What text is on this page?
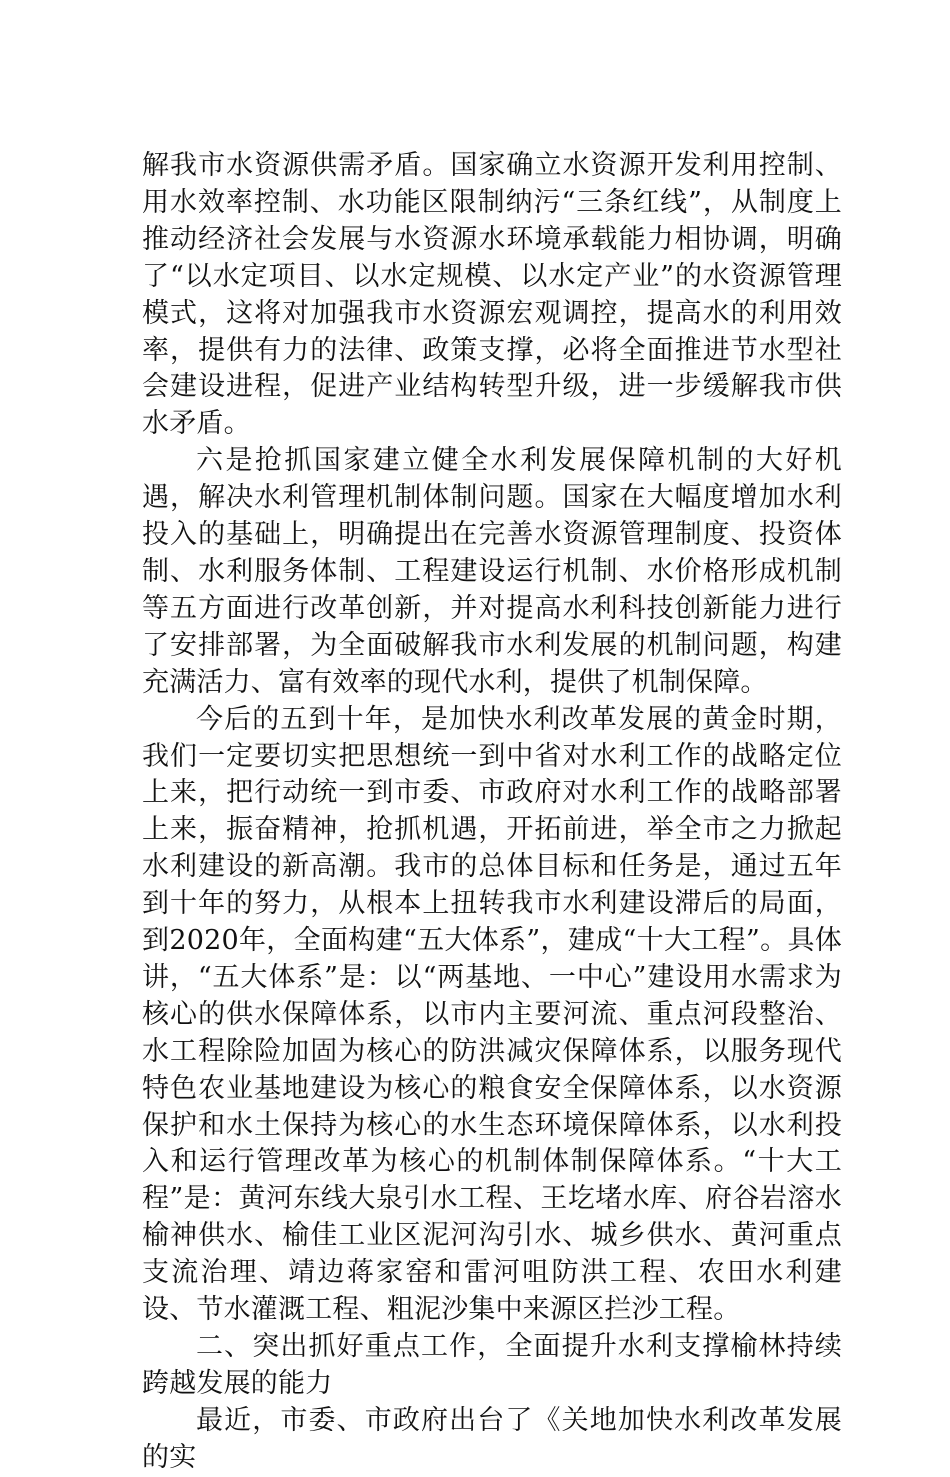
解我市水资源供需矛盾。国家确立水资源开发利用控制、用水效率控制、水功能区限制纳污“三条红线”，从制度上推动经济社会发展与水资源水环境承载能力相协调，明确了“以水定项目、以水定规模、以水定产业”的水资源管理模式，这将对加强我市水资源宏观调控，提高水的利用效率，提供有力的法律、政策支撑，必将全面推进节水型社会建设进程，促进产业结构转型升级，进一步缓解我市供水矛盾。

六是抢抓国家建立健全水利发展保障机制的大好机遇，解决水利管理机制体制问题。国家在大幅度增加水利投入的基础上，明确提出在完善水资源管理制度、投资体制、水利服务体制、工程建设运行机制、水价格形成机制等五方面进行改革创新，并对提高水利科技创新能力进行了安排部署，为全面破解我市水利发展的机制问题，构建充满活力、富有效率的现代水利，提供了机制保障。

今后的五到十年，是加快水利改革发展的黄金时期，我们一定要切实把思想统一到中省对水利工作的战略定位上来，把行动统一到市委、市政府对水利工作的战略部署上来，振奋精神，抢抓机遇，开拓前进，举全市之力掀起水利建设的新高潮。我市的总体目标和任务是，通过五年到十年的努力，从根本上扭转我市水利建设滞后的局面，到2020年，全面构建“五大体系”，建成“十大工程”。具体讲，“五大体系”是：以“两基地、一中心”建设用水需求为核心的供水保障体系，以市内主要河流、重点河段整治、水工程除险加固为核心的防洪减灾保障体系，以服务现代特色农业基地建设为核心的粮食安全保障体系，以水资源保护和水土保持为核心的水生态环境保障体系，以水利投入和运行管理改革为核心的机制体制保障体系。“十大工程”是：黄河东线大泉引水工程、王圪堵水库、府谷岩溶水榆神供水、榆佳工业区泥河沟引水、城乡供水、黄河重点支流治理、靖边蒋家窑和雷河咀防洪工程、农田水利建设、节水灌溉工程、粗泥沙集中来源区拦沙工程。

二、突出抓好重点工作，全面提升水利支撑榆林持续跨越发展的能力

最近，市委、市政府出台了《关地加快水利改革发展的实
